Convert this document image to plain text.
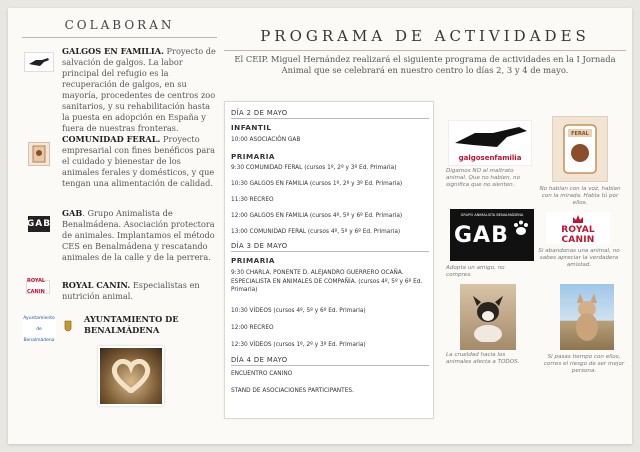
COLABORAN
GALGOS EN FAMILIA. Proyecto de salvación de galgos. La labor principal del refugio es la recuperación de galgos, en su mayoría, procedentes de centros zoo sanitarios, y su rehabilitación hasta la puesta en adopción en España y fuera de nuestras fronteras.
COMUNIDAD FERAL. Proyecto empresarial con fines benéficos para el cuidado y bienestar de los animales ferales y domésticos, y que tengan una alimentación de calidad.
GAB
GAB. Grupo Animalista de Benalmádena. Asociación protectora de animales. Implantamos el método CES en Benalmádena y rescatando animales de la calle y de la perrera.
ROYAL CANIN
ROYAL CANIN. Especialistas en nutrición animal.
Ayuntamiento de Benalmádena
AYUNTAMIENTO DE BENALMÁDENA
PROGRAMA DE ACTIVIDADES
El CEIP. Miguel Hernández realizará el siguiente programa de actividades en la I Jornada Animal que se celebrará en nuestro centro lo días 2, 3 y 4 de mayo.
DÍA 2 DE MAYO
INFANTIL
10:00 ASOCIACIÓN GAB
PRIMARIA
9:30 COMUNIDAD FERAL (cursos 1º, 2º y 3º Ed. Primaria)
10:30 GALGOS EN FAMILIA (cursos 1º, 2º y 3º Ed. Primaria)
11:30 RECREO
12:00 GALGOS EN FAMILIA (cursos 4º, 5º y 6º Ed. Primaria)
13:00 COMUNIDAD FERAL (cursos 4º, 5º y 6º Ed. Primaria)
DÍA 3 DE MAYO
PRIMARIA
9:30 CHARLA. PONENTE D. ALEJANDRO GUERRERO OCAÑA. ESPECIALISTA EN ANIMALES DE COMPAÑÍA. (cursos 4º, 5º y 6º Ed. Primaria)
10:30 VÍDEOS (cursos 4º, 5º y 6º Ed. Primaria)
12:00 RECREO
12:30 VÍDEOS (cursos 1º, 2º y 3º Ed. Primaria)
DÍA 4 DE MAYO
ENCUENTRO CANINO
STAND DE ASOCIACIONES PARTICIPANTES.
galgosenfamilia
Digamos NO al maltrato animal. Que no hablen, no significa que no sienten.
FERAL
No hablan con la voz, hablan con la mirada. Habla tú por ellos.
GRUPO ANIMALISTA BENALMÁDENA
GAB	ROYAL CANIN
Si abandonas una animal, no sabes apreciar la verdadera amistad.
Adopta un amigo, no compres.
La crueldad hacia los animales afecta a TODOS.
Si pasas tiempo con ellos, corres el riesgo de ser mejor persona.
